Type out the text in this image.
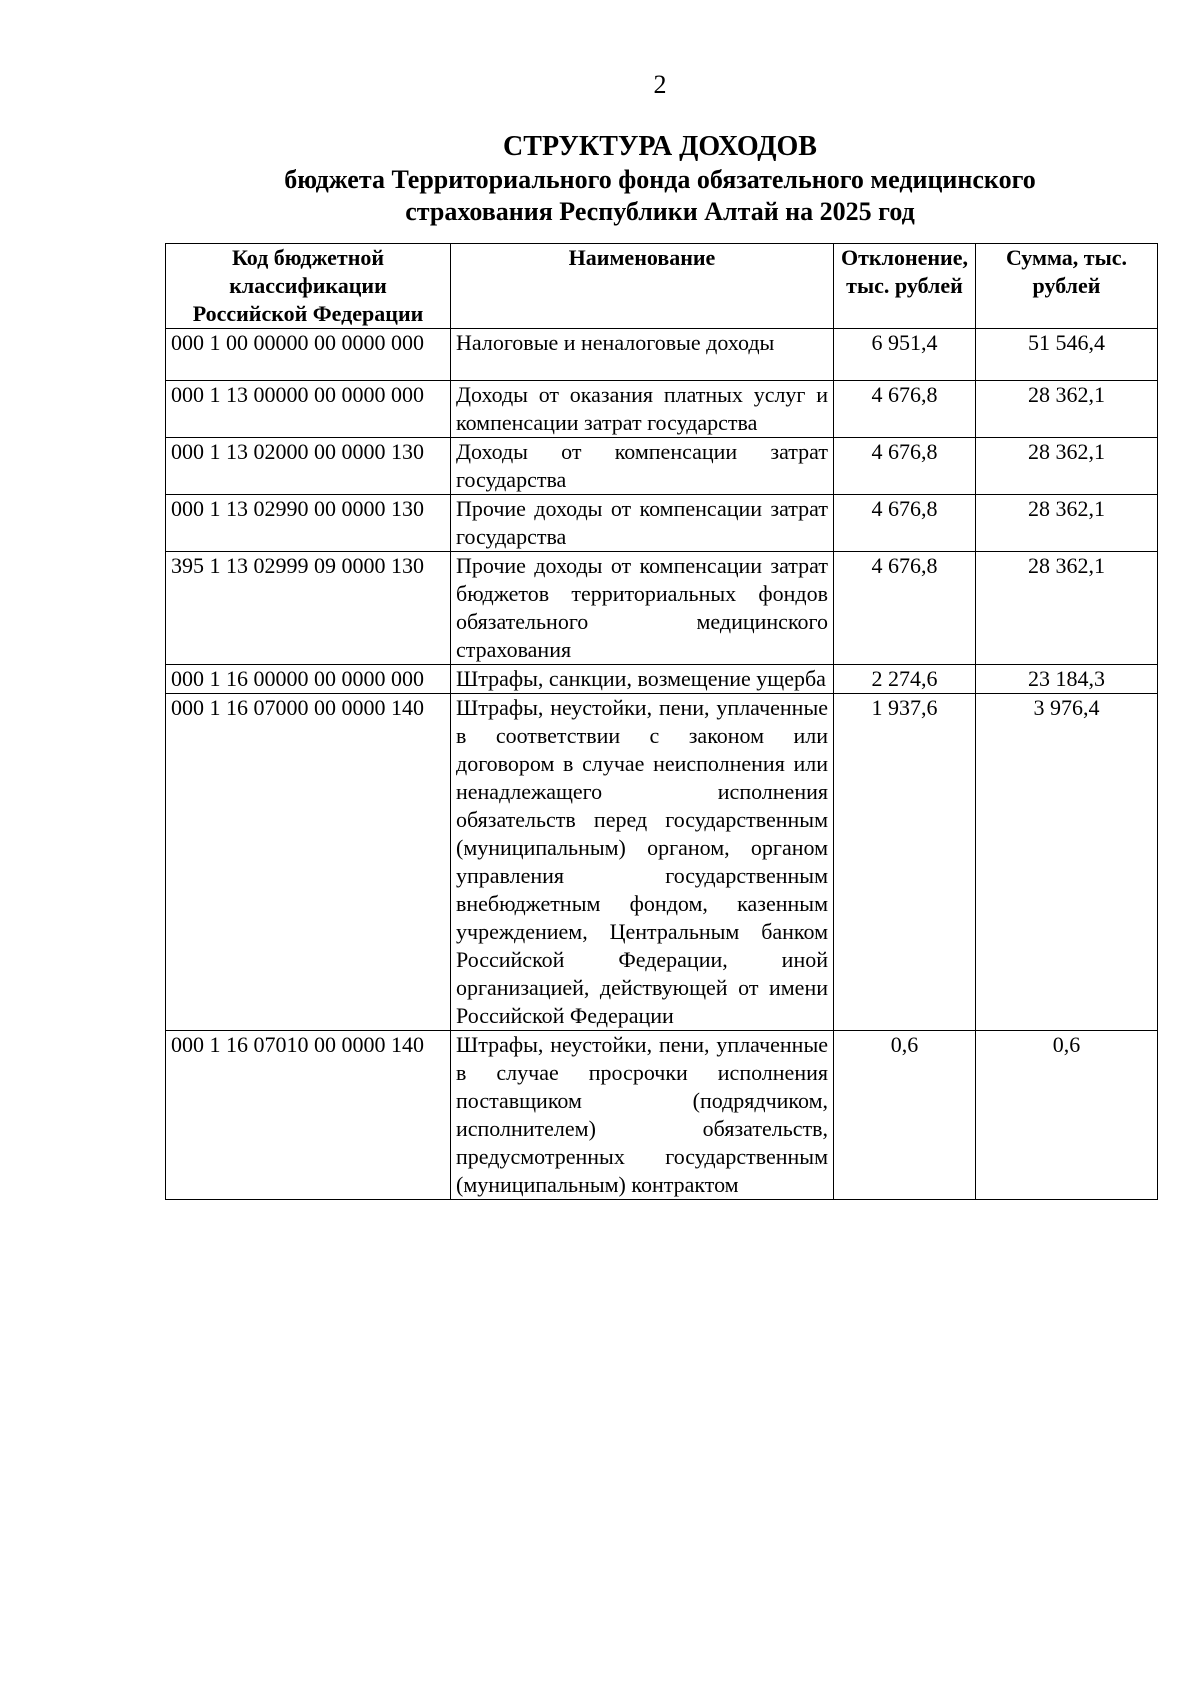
2
СТРУКТУРА ДОХОДОВ
бюджета Территориального фонда обязательного медицинского
страхования Республики Алтай на 2025 год
Код бюджетной классификации Российской Федерации	Наименование	Отклонение, тыс. рублей	Сумма, тыс. рублей
000 1 00 00000 00 0000 000	Налоговые и неналоговые доходы	6 951,4	51 546,4
000 1 13 00000 00 0000 000	Доходы от оказания платных услуг и компенсации затрат государства	4 676,8	28 362,1
000 1 13 02000 00 0000 130	Доходы от компенсации затрат государства	4 676,8	28 362,1
000 1 13 02990 00 0000 130	Прочие доходы от компенсации затрат государства	4 676,8	28 362,1
395 1 13 02999 09 0000 130	Прочие доходы от компенсации затрат бюджетов территориальных фондов обязательного медицинского страхования	4 676,8	28 362,1
000 1 16 00000 00 0000 000	Штрафы, санкции, возмещение ущерба	2 274,6	23 184,3
000 1 16 07000 00 0000 140	Штрафы, неустойки, пени, уплаченные в соответствии с законом или договором в случае неисполнения или ненадлежащего исполнения обязательств перед государственным (муниципальным) органом, органом управления государственным внебюджетным фондом, казенным учреждением, Центральным банком Российской Федерации, иной организацией, действующей от имени Российской Федерации	1 937,6	3 976,4
000 1 16 07010 00 0000 140	Штрафы, неустойки, пени, уплаченные в случае просрочки исполнения поставщиком (подрядчиком, исполнителем) обязательств, предусмотренных государственным (муниципальным) контрактом	0,6	0,6
